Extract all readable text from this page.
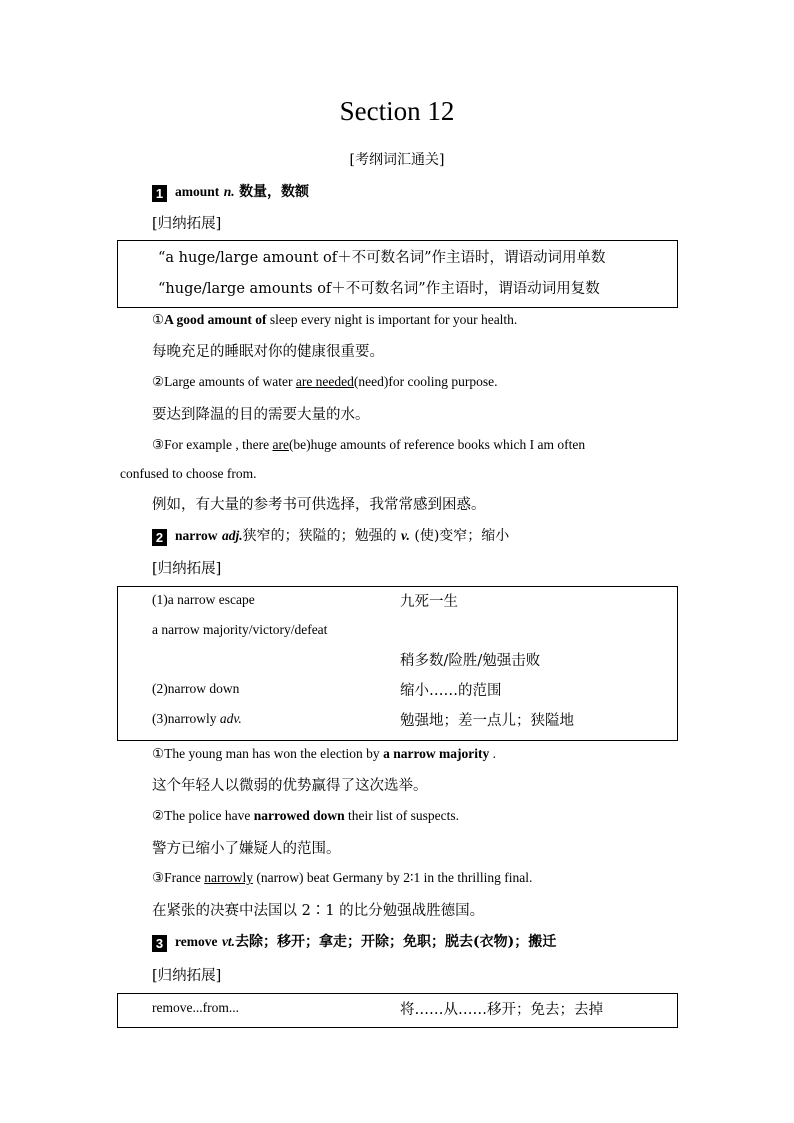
Section 12
[考纲词汇通关]
1 amount n. 数量，数额
[归纳拓展]
“a huge/large amount of＋不可数名词”作主语时，谓语动词用单数
“huge/large amounts of＋不可数名词”作主语时，谓语动词用复数
①A good amount of sleep every night is important for your health.
每晚充足的睡眠对你的健康很重要。
②Large amounts of water are needed(need)for cooling purpose.
要达到降温的目的需要大量的水。
③For example , there are(be)huge amounts of reference books which I am often
confused to choose from.
例如，有大量的参考书可供选择，我常常感到困惑。
2 narrow adj.狭窄的；狭隘的；勉强的 v. (使)变窄；缩小
[归纳拓展]
(1)a narrow escape	九死一生
a narrow majority/victory/defeat
稍多数/险胜/勉强击败
(2)narrow down	缩小……的范围
(3)narrowly adv.	勉强地；差一点儿；狭隘地
①The young man has won the election by a narrow majority .
这个年轻人以微弱的优势赢得了这次选举。
②The police have narrowed down their list of suspects.
警方已缩小了嫌疑人的范围。
③France narrowly (narrow) beat Germany by 2∶1 in the thrilling final.
在紧张的决赛中法国以 2∶1 的比分勉强战胜德国。
3 remove vt.去除；移开；拿走；开除；免职；脱去(衣物)；搬迁
[归纳拓展]
remove...from...	将……从……移开；免去；去掉
